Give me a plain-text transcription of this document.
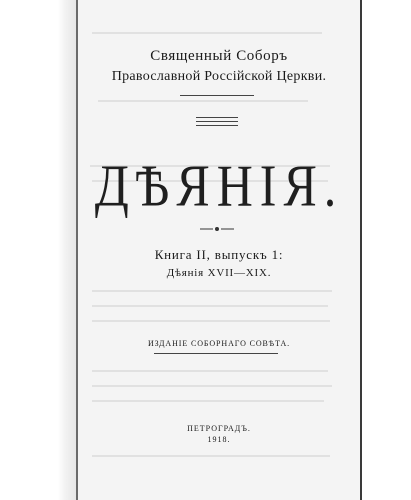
Священный Соборъ
Православной Россійской Церкви.
ДѢЯНІЯ.
Книга II, выпускъ 1:
Дѣянія XVII—XIX.
ИЗДАНІЕ СОБОРНАГО СОВѢТА.
ПЕТРОГРАДЪ.
1918.
